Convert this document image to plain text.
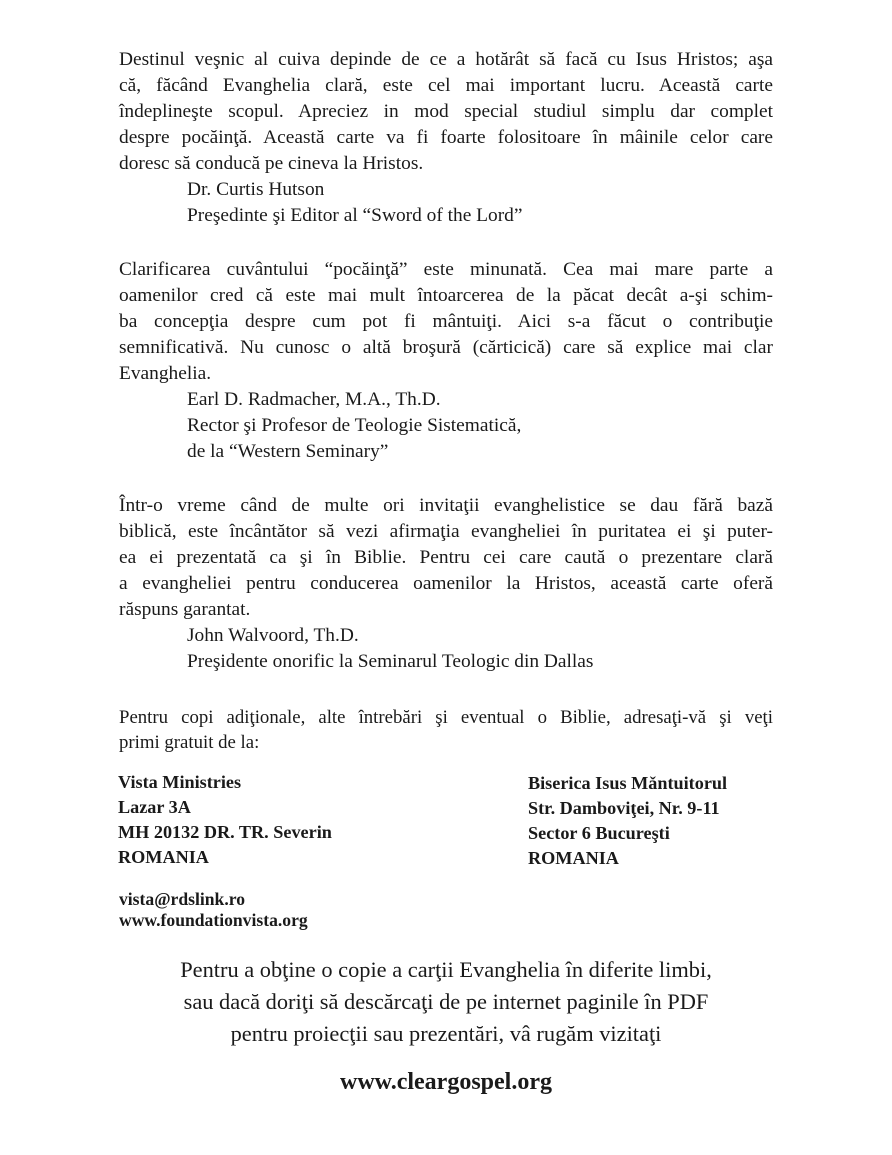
Destinul veşnic al cuiva depinde de ce a hotărât să facă cu Isus Hristos; aşa
că, făcând Evanghelia clară, este cel mai important lucru. Această carte
îndeplineşte scopul. Apreciez in mod special studiul simplu dar complet
despre pocăinţă. Această carte va fi foarte folositoare în mâinile celor care
doresc să conducă pe cineva la Hristos.
Dr. Curtis Hutson
Preşedinte şi Editor al “Sword of the Lord”
Clarificarea cuvântului “pocăinţă” este minunată. Cea mai mare parte a
oamenilor cred că este mai mult întoarcerea de la păcat decât a-şi schim-
ba concepţia despre cum pot fi mântuiţi. Aici s-a făcut o contribuţie
semnificativă. Nu cunosc o altă broşură (cărticică) care să explice mai clar
Evanghelia.
Earl D. Radmacher, M.A., Th.D.
Rector şi Profesor de Teologie Sistematică,
de la “Western Seminary”
Într-o vreme când de multe ori invitaţii evanghelistice se dau fără bază
biblică, este încântător să vezi afirmaţia evangheliei în puritatea ei şi puter-
ea ei prezentată ca şi în Biblie. Pentru cei care caută o prezentare clară
a evangheliei pentru conducerea oamenilor la Hristos, această carte oferă
răspuns garantat.
John Walvoord, Th.D.
Preşidente onorific la Seminarul Teologic din Dallas
Pentru copi adiţionale, alte întrebări şi eventual o Biblie, adresaţi-vă şi veţi
primi gratuit de la:
Vista Ministries
Lazar 3A
MH 20132 DR. TR. Severin
ROMANIA
Biserica Isus Mǎntuitorul
Str. Damboviţei, Nr. 9-11
Sector 6 Bucureşti
ROMANIA
vista@rdslink.ro
www.foundationvista.org
Pentru a obţine o copie a carţii Evanghelia în diferite limbi,
sau dacă doriţi să descărcaţi de pe internet paginile în PDF
pentru proiecţii sau prezentări, vâ rugăm vizitaţi
www.cleargospel.org
